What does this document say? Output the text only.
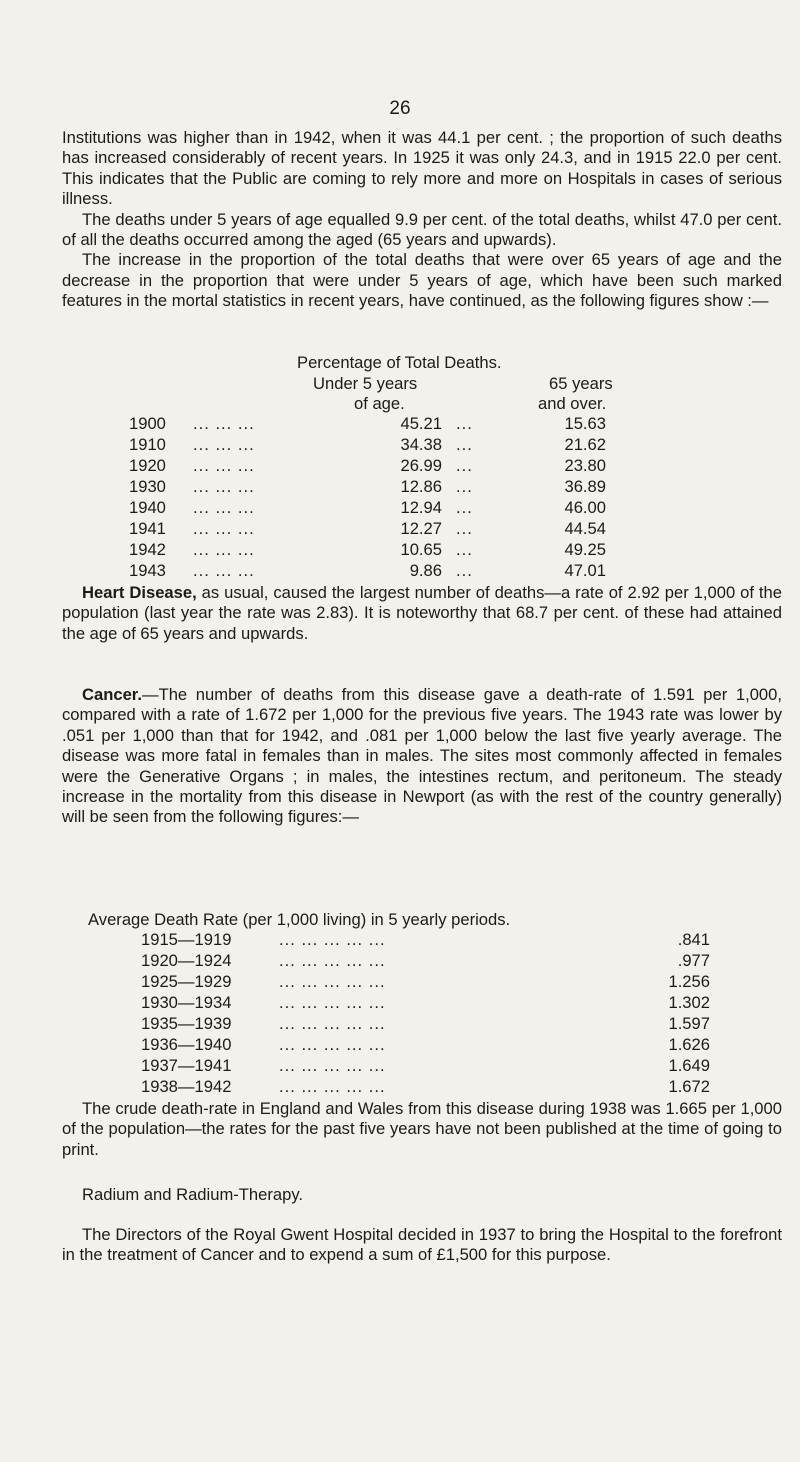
26

Institutions was higher than in 1942, when it was 44.1 per cent. ; the proportion of such deaths has increased considerably of recent years. In 1925 it was only 24.3, and in 1915 22.0 per cent. This indicates that the Public are coming to rely more and more on Hospitals in cases of serious illness.

The deaths under 5 years of age equalled 9.9 per cent. of the total deaths, whilst 47.0 per cent. of all the deaths occurred among the aged (65 years and upwards).

The increase in the proportion of the total deaths that were over 65 years of age and the decrease in the proportion that were under 5 years of age, which have been such marked features in the mortal statistics in recent years, have continued, as the following figures show :—

Percentage of Total Deaths.
Under 5 years	65 years
of age.	and over.
1900 ... ... ...	45.21 ...	15.63
1910 ... ... ...	34.38 ...	21.62
1920 ... ... ...	26.99 ...	23.80
1930 ... ... ...	12.86 ...	36.89
1940 ... ... ...	12.94 ...	46.00
1941 ... ... ...	12.27 ...	44.54
1942 ... ... ...	10.65 ...	49.25
1943 ... ... ...	9.86 ...	47.01

Heart Disease, as usual, caused the largest number of deaths—a rate of 2.92 per 1,000 of the population (last year the rate was 2.83). It is noteworthy that 68.7 per cent. of these had attained the age of 65 years and upwards.

Cancer.—The number of deaths from this disease gave a death-rate of 1.591 per 1,000, compared with a rate of 1.672 per 1,000 for the previous five years. The 1943 rate was lower by .051 per 1,000 than that for 1942, and .081 per 1,000 below the last five yearly average. The disease was more fatal in females than in males. The sites most commonly affected in females were the Generative Organs ; in males, the intestines rectum, and peritoneum. The steady increase in the mortality from this disease in Newport (as with the rest of the country generally) will be seen from the following figures:—

Average Death Rate (per 1,000 living) in 5 yearly periods.
1915—1919	... ... ... ... ...	.841
1920—1924	... ... ... ... ...	.977
1925—1929	... ... ... ... ...	1.256
1930—1934	... ... ... ... ...	1.302
1935—1939	... ... ... ... ...	1.597
1936—1940	... ... ... ... ...	1.626
1937—1941	... ... ... ... ...	1.649
1938—1942	... ... ... ... ...	1.672

The crude death-rate in England and Wales from this disease during 1938 was 1.665 per 1,000 of the population—the rates for the past five years have not been published at the time of going to print.

Radium and Radium-Therapy.

The Directors of the Royal Gwent Hospital decided in 1937 to bring the Hospital to the forefront in the treatment of Cancer and to expend a sum of £1,500 for this purpose.
